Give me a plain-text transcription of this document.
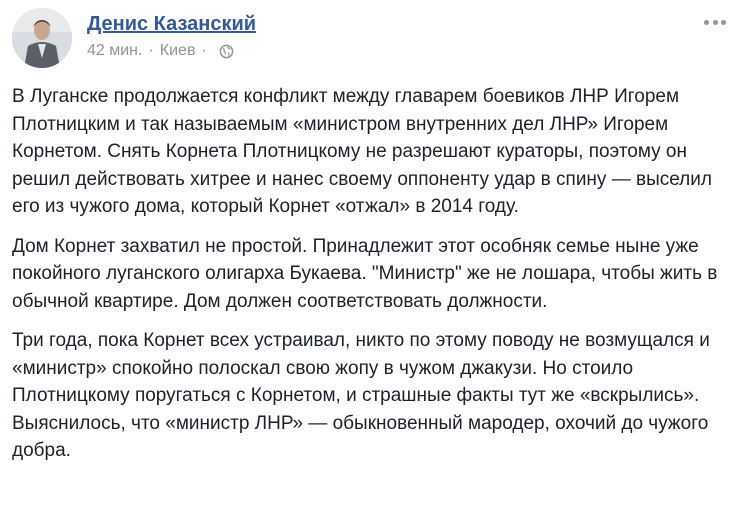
Денис Казанский
42 мин. · Киев ·

В Луганске продолжается конфликт между главарем боевиков ЛНР Игорем Плотницким и так называемым «министром внутренних дел ЛНР» Игорем Корнетом. Снять Корнета Плотницкому не разрешают кураторы, поэтому он решил действовать хитрее и нанес своему оппоненту удар в спину — выселил его из чужого дома, который Корнет «отжал» в 2014 году.

Дом Корнет захватил не простой. Принадлежит этот особняк семье ныне уже покойного луганского олигарха Букаева. "Министр" же не лошара, чтобы жить в обычной квартире. Дом должен соответствовать должности.

Три года, пока Корнет всех устраивал, никто по этому поводу не возмущался и «министр» спокойно полоскал свою жопу в чужом джакузи. Но стоило Плотницкому поругаться с Корнетом, и страшные факты тут же «вскрылись». Выяснилось, что «министр ЛНР» — обыкновенный мародер, охочий до чужого добра.
